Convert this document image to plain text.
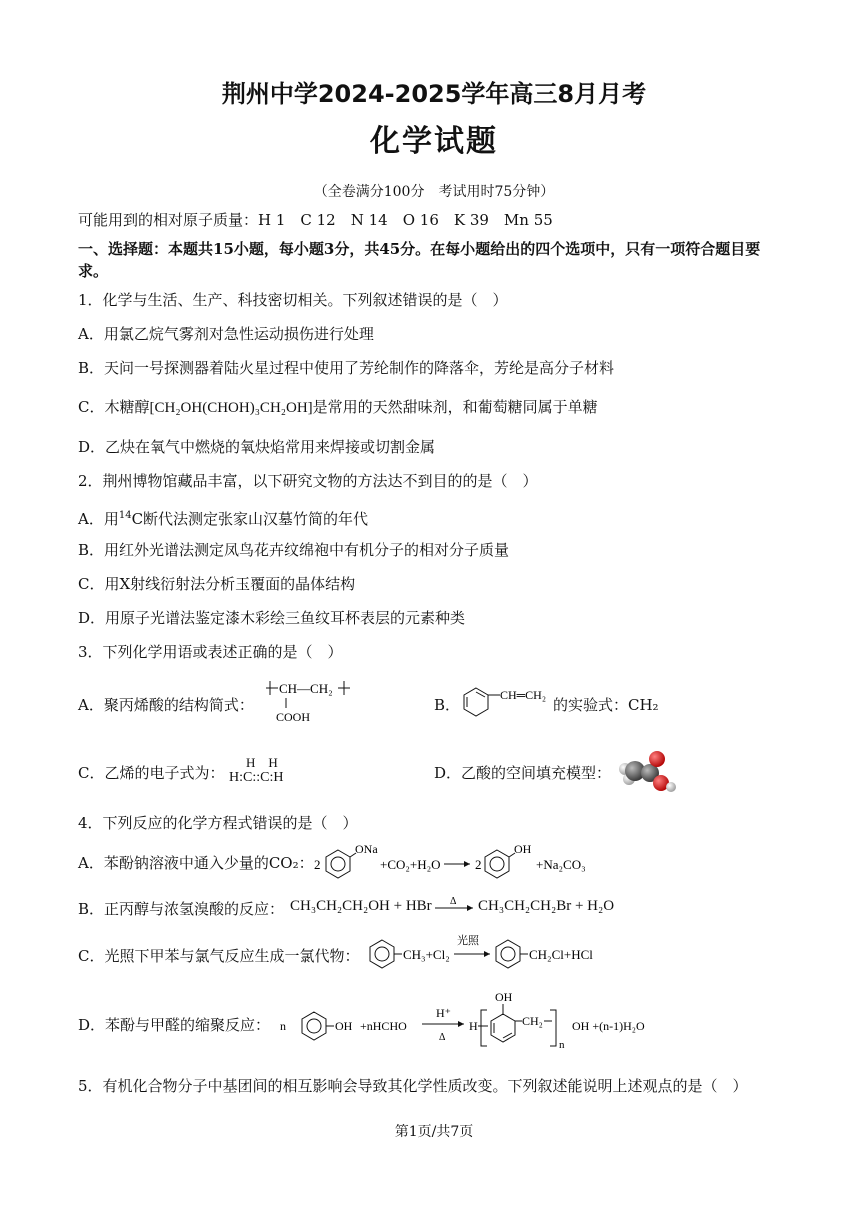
荆州中学2024-2025学年高三8月月考
化学试题
（全卷满分100分　考试用时75分钟）
可能用到的相对原子质量：H 1　C 12　N 14　O 16　K 39　Mn 55
一、选择题：本题共15小题，每小题3分，共45分。在每小题给出的四个选项中，只有一项符合题目要
求。
1．化学与生活、生产、科技密切相关。下列叙述错误的是（　）
A．用氯乙烷气雾剂对急性运动损伤进行处理
B．天问一号探测器着陆火星过程中使用了芳纶制作的降落伞，芳纶是高分子材料
C．木糖醇[CH₂OH(CHOH)₃CH₂OH]是常用的天然甜味剂，和葡萄糖同属于单糖
D．乙炔在氧气中燃烧的氧炔焰常用来焊接或切割金属
2．荆州博物馆藏品丰富，以下研究文物的方法达不到目的的是（　）
A．用$^{14}$C断代法测定张家山汉墓竹简的年代
B．用红外光谱法测定凤鸟花卉纹绵袍中有机分子的相对分子质量
C．用X射线衍射法分析玉覆面的晶体结构
D．用原子光谱法鉴定漆木彩绘三鱼纹耳杯表层的元素种类
3．下列化学用语或表述正确的是（　）
A．聚丙烯酸的结构简式：
CH—CH₂
COOH
B．
CH═CH₂
的实验式：CH₂
C．乙烯的电子式为：
H　H
H:C::C:H	D．乙酸的空间填充模型：
4．下列反应的化学方程式错误的是（　）
A．苯酚钠溶液中通入少量的CO₂： 2
ONa
+CO₂+H₂O	2
OH
+Na₂CO₃
B．正丙醇与浓氢溴酸的反应： CH₃CH₂CH₂OH + HBr Δ CH₃CH₂CH₂Br + H₂O
C．光照下甲苯与氯气反应生成一氯代物：	CH₃+Cl₂
光照
CH₂Cl+HCl
D．苯酚与甲醛的缩聚反应： n	OH +nHCHO
H⁺
Δ
H
OH
CH₂
n
OH +(n-1)H₂O
5．有机化合物分子中基团间的相互影响会导致其化学性质改变。下列叙述能说明上述观点的是（　）
第1页/共7页
